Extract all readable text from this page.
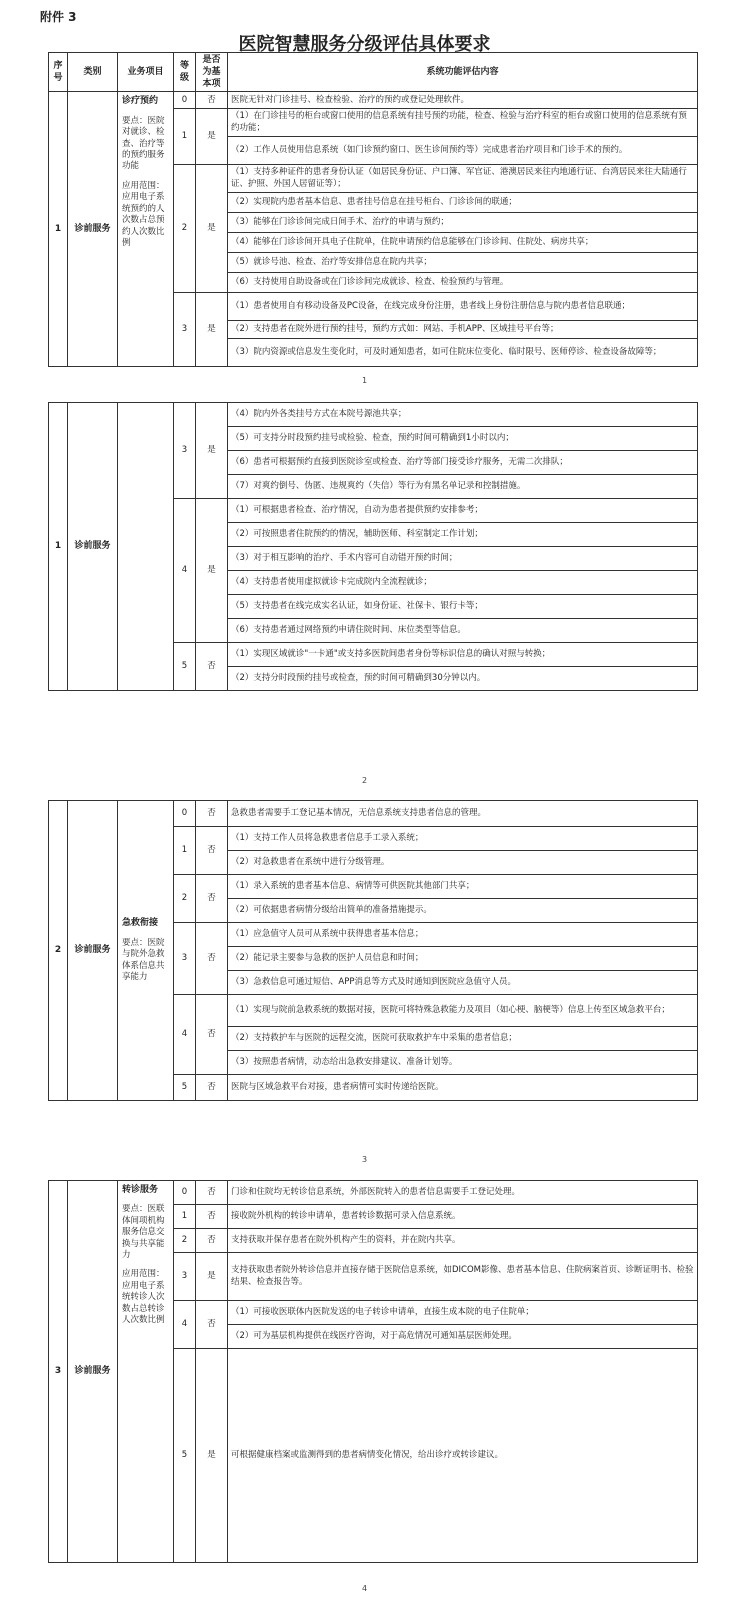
附件 3
医院智慧服务分级评估具体要求
序号	类别	业务项目	等级	是否为基本项	系统功能评估内容
1	诊前服务	诊疗预约
要点：医院对就诊、检查、治疗等的预约服务功能
应用范围：应用电子系统预约的人次数占总预约人次数比例	0	否	医院无针对门诊挂号、检查检验、治疗的预约或登记处理软件。
			1	是	（1）在门诊挂号的柜台或窗口使用的信息系统有挂号预约功能，检查、检验与治疗科室的柜台或窗口使用的信息系统有预约功能；
					（2）工作人员使用信息系统（如门诊预约窗口、医生诊间预约等）完成患者治疗项目和门诊手术的预约。
			2	是	（1）支持多种证件的患者身份认证（如居民身份证、户口簿、军官证、港澳居民来往内地通行证、台湾居民来往大陆通行证、护照、外国人居留证等）；
					（2）实现院内患者基本信息、患者挂号信息在挂号柜台、门诊诊间的联通；
					（3）能够在门诊诊间完成日间手术、治疗的申请与预约；
					（4）能够在门诊诊间开具电子住院单，住院申请预约信息能够在门诊诊间、住院处、病房共享；
					（5）就诊号池、检查、治疗等安排信息在院内共享；
					（6）支持使用自助设备或在门诊诊间完成就诊、检查、检验预约与管理。
			3	是	（1）患者使用自有移动设备及PC设备，在线完成身份注册，患者线上身份注册信息与院内患者信息联通；
					（2）支持患者在院外进行预约挂号，预约方式如：网站、手机APP、区域挂号平台等；
					（3）院内资源或信息发生变化时，可及时通知患者，如可住院床位变化、临时限号、医师停诊、检查设备故障等；
1
1	诊前服务		3	是	（4）院内外各类挂号方式在本院号源池共享；
					（5）可支持分时段预约挂号或检验、检查，预约时间可精确到1小时以内；
					（6）患者可根据预约直接到医院诊室或检查、治疗等部门接受诊疗服务，无需二次排队；
					（7）对爽约倒号、伪匿、违规爽约（失信）等行为有黑名单记录和控制措施。
			4	是	（1）可根据患者检查、治疗情况，自动为患者提供预约安排参考；
					（2）可按照患者住院预约的情况，辅助医师、科室制定工作计划；
					（3）对于相互影响的治疗、手术内容可自动错开预约时间；
					（4）支持患者使用虚拟就诊卡完成院内全流程就诊；
					（5）支持患者在线完成实名认证，如身份证、社保卡、银行卡等；
					（6）支持患者通过网络预约申请住院时间、床位类型等信息。
			5	否	（1）实现区域就诊"一卡通"或支持多医院间患者身份等标识信息的确认对照与转换；
					（2）支持分时段预约挂号或检查，预约时间可精确到30分钟以内。
2
2	诊前服务	急救衔接
要点：医院与院外急救体系信息共享能力	0	否	急救患者需要手工登记基本情况，无信息系统支持患者信息的管理。
			1	否	（1）支持工作人员将急救患者信息手工录入系统；
					（2）对急救患者在系统中进行分级管理。
			2	否	（1）录入系统的患者基本信息、病情等可供医院其他部门共享；
					（2）可依据患者病情分级给出简单的准备措施提示。
			3	否	（1）应急值守人员可从系统中获得患者基本信息；
					（2）能记录主要参与急救的医护人员信息和时间；
					（3）急救信息可通过短信、APP消息等方式及时通知到医院应急值守人员。
			4	否	（1）实现与院前急救系统的数据对接，医院可将特殊急救能力及项目（如心梗、脑梗等）信息上传至区域急救平台；
					（2）支持救护车与医院的远程交流，医院可获取救护车中采集的患者信息；
					（3）按照患者病情，动态给出急救安排建议、准备计划等。
			5	否	医院与区域急救平台对接，患者病情可实时传递给医院。
3
3	诊前服务	转诊服务
要点：医联体间项机构服务信息交换与共享能力
应用范围：应用电子系统转诊人次数占总转诊人次数比例	0	否	门诊和住院均无转诊信息系统，外部医院转入的患者信息需要手工登记处理。
			1	否	接收院外机构的转诊申请单，患者转诊数据可录入信息系统。
			2	否	支持获取并保存患者在院外机构产生的资料，并在院内共享。
			3	是	支持获取患者院外转诊信息并直接存储于医院信息系统，如DICOM影像、患者基本信息、住院病案首页、诊断证明书、检验结果、检查报告等。
			4	否	（1）可接收医联体内医院发送的电子转诊申请单，直接生成本院的电子住院单；
					（2）可为基层机构提供在线医疗咨询，对于高危情况可通知基层医师处理。
			5	是	可根据健康档案或监测得到的患者病情变化情况，给出诊疗或转诊建议。
4
